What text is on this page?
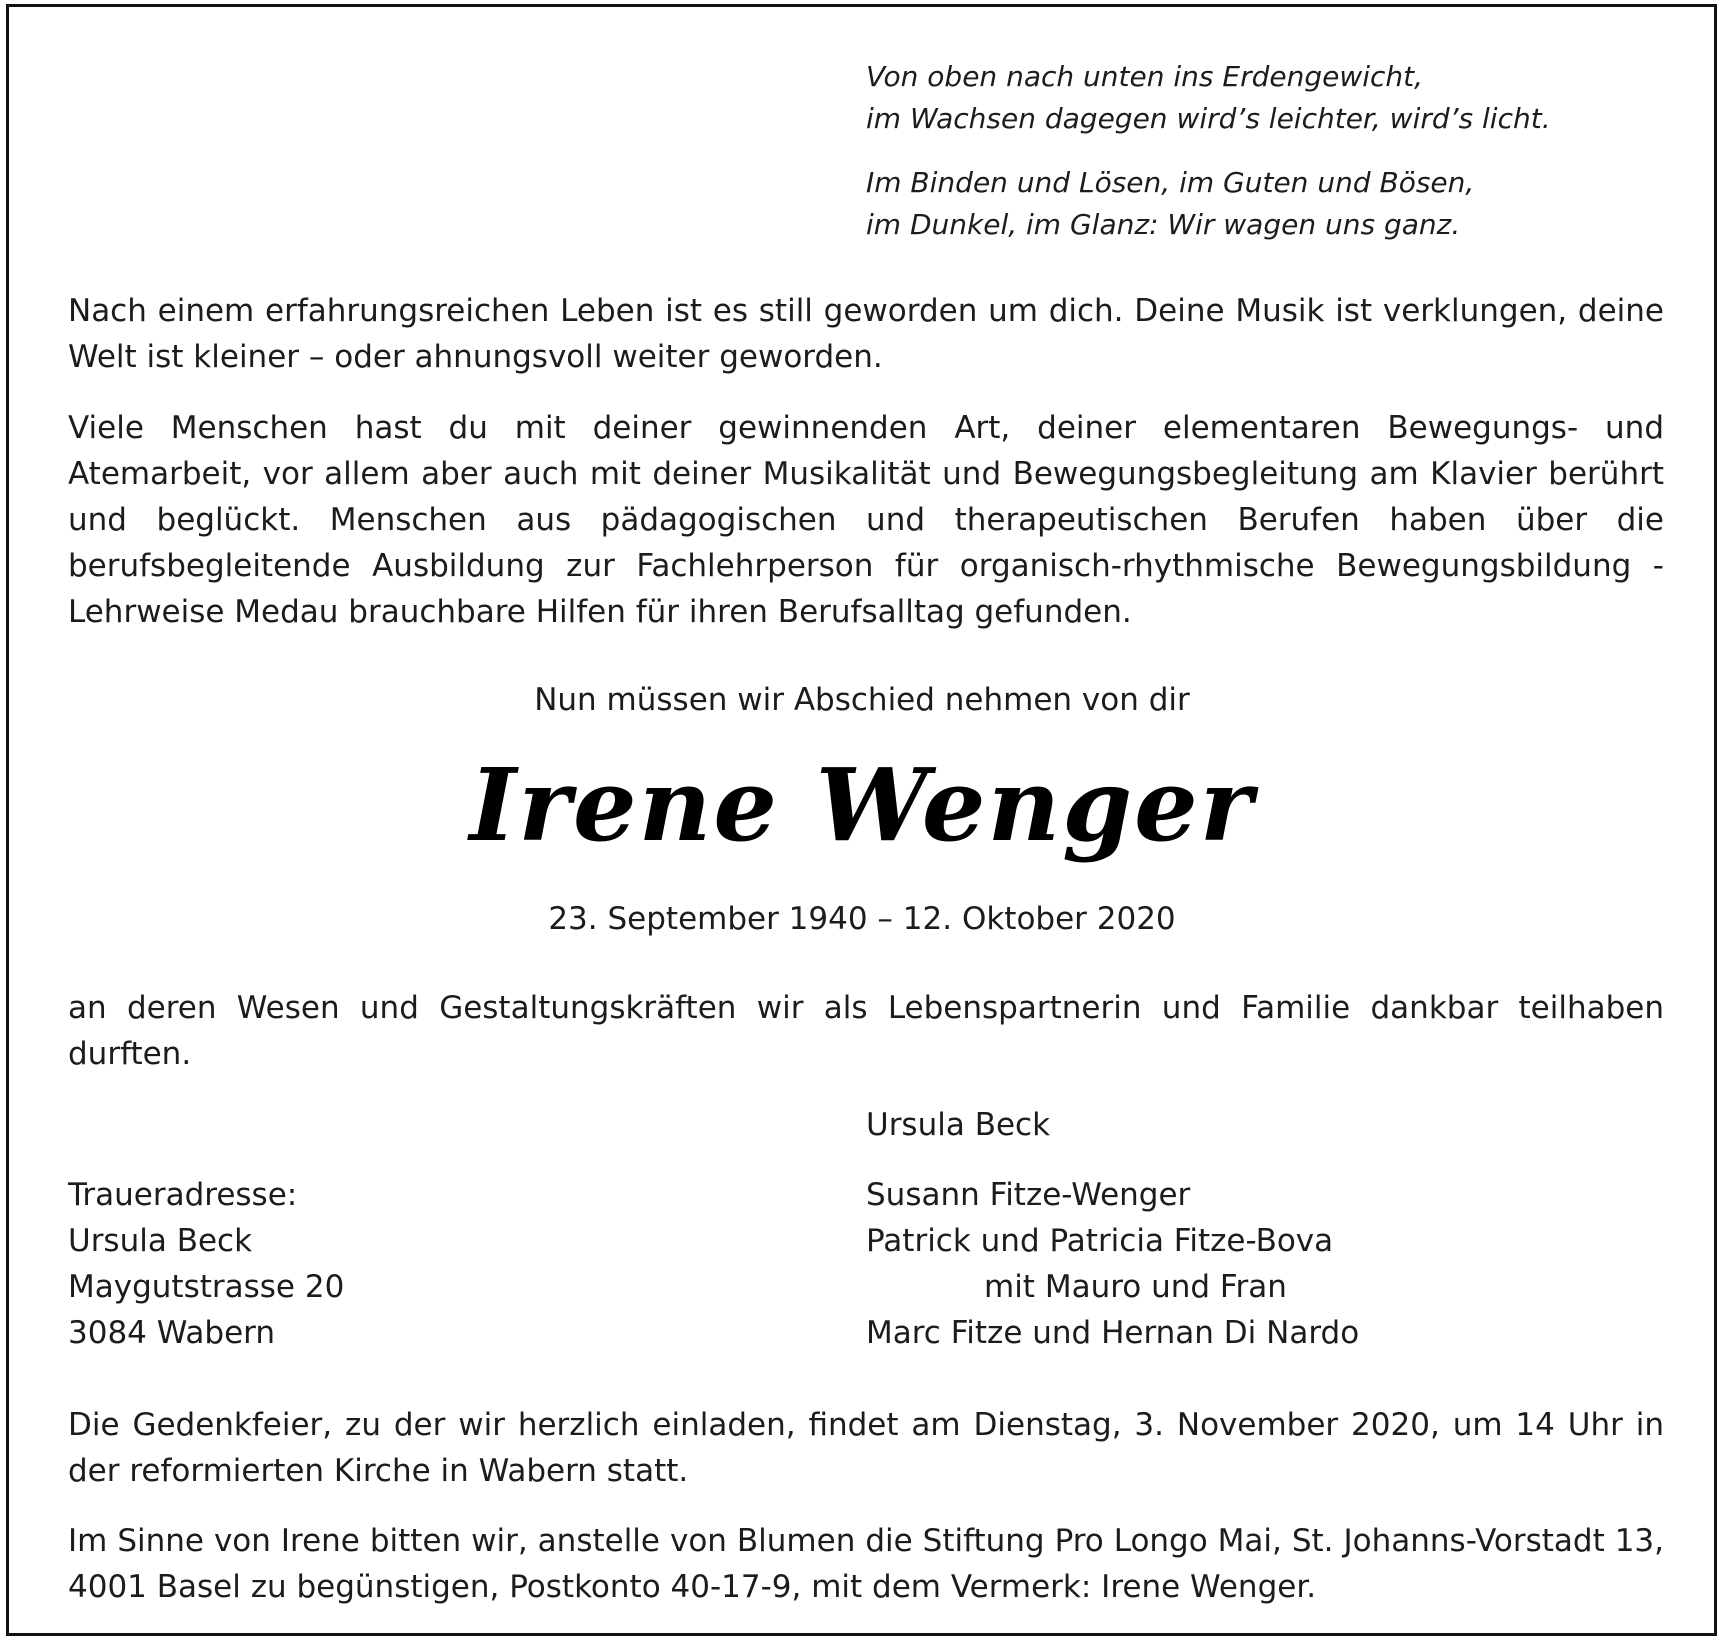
Von oben nach unten ins Erdengewicht,
im Wachsen dagegen wird’s leichter, wird’s licht.
Im Binden und Lösen, im Guten und Bösen,
im Dunkel, im Glanz: Wir wagen uns ganz.

Nach einem erfahrungsreichen Leben ist es still geworden um dich. Deine Musik ist verklungen, deine Welt ist kleiner – oder ahnungsvoll weiter geworden.

Viele Menschen hast du mit deiner gewinnenden Art, deiner elementaren Bewegungs- und Atemarbeit, vor allem aber auch mit deiner Musikalität und Bewegungsbegleitung am Klavier berührt und beglückt. Menschen aus pädagogischen und therapeutischen Berufen haben über die berufsbegleitende Ausbildung zur Fachlehrperson für organisch-rhythmische Bewegungsbildung - Lehrweise Medau brauchbare Hilfen für ihren Berufsalltag gefunden.

Nun müssen wir Abschied nehmen von dir
Irene Wenger
23. September 1940 – 12. Oktober 2020

an deren Wesen und Gestaltungskräften wir als Lebenspartnerin und Familie dankbar teilhaben durften.

Ursula Beck
Traueradresse:
Ursula Beck
Maygutstrasse 20
3084 Wabern
Susann Fitze-Wenger
Patrick und Patricia Fitze-Bova
mit Mauro und Fran
Marc Fitze und Hernan Di Nardo

Die Gedenkfeier, zu der wir herzlich einladen, findet am Dienstag, 3. November 2020, um 14 Uhr in der reformierten Kirche in Wabern statt.

Im Sinne von Irene bitten wir, anstelle von Blumen die Stiftung Pro Longo Mai, St. Johanns-Vorstadt 13, 4001 Basel zu begünstigen, Postkonto 40-17-9, mit dem Vermerk: Irene Wenger.
